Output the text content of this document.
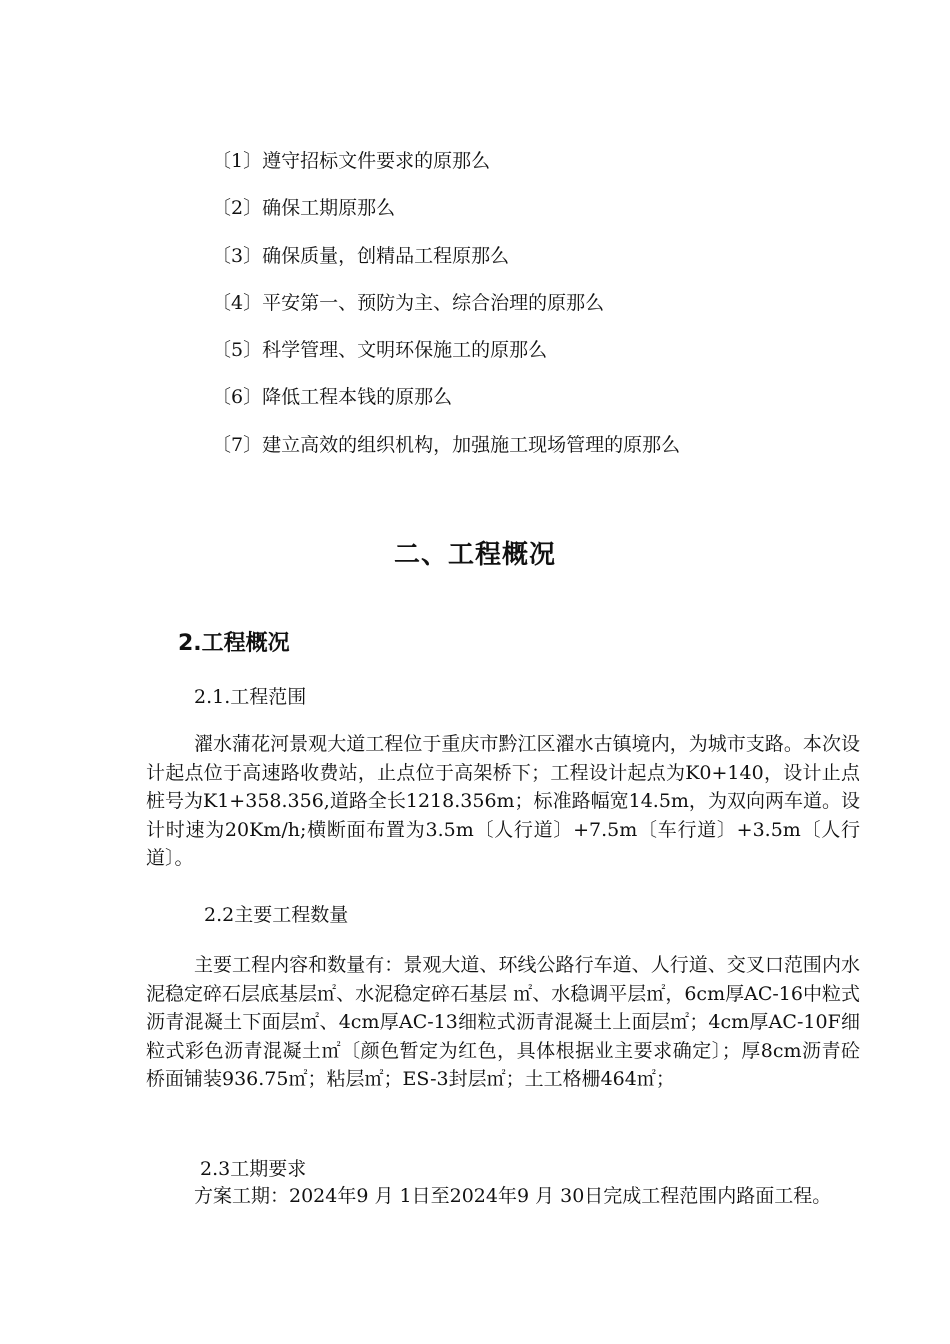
〔1〕遵守招标文件要求的原那么
〔2〕确保工期原那么
〔3〕确保质量，创精品工程原那么
〔4〕平安第一、预防为主、综合治理的原那么
〔5〕科学管理、文明环保施工的原那么
〔6〕降低工程本钱的原那么
〔7〕建立高效的组织机构，加强施工现场管理的原那么
二、工程概况
2.工程概况
2.1.工程范围
濯水蒲花河景观大道工程位于重庆市黔江区濯水古镇境内，为城市支路。本次设计起点位于高速路收费站，止点位于高架桥下；工程设计起点为K0+140，设计止点桩号为K1+358.356,道路全长1218.356m；标准路幅宽14.5m，为双向两车道。设计时速为20Km/h;横断面布置为3.5m〔人行道〕+7.5m〔车行道〕+3.5m〔人行道〕。
2.2主要工程数量
主要工程内容和数量有：景观大道、环线公路行车道、人行道、交叉口范围内水泥稳定碎石层底基层㎡、水泥稳定碎石基层 ㎡、水稳调平层㎡，6cm厚AC-16中粒式沥青混凝土下面层㎡、4cm厚AC-13细粒式沥青混凝土上面层㎡；4cm厚AC-10F细粒式彩色沥青混凝土㎡〔颜色暂定为红色，具体根据业主要求确定〕；厚8cm沥青砼桥面铺装936.75㎡；粘层㎡；ES-3封层㎡；土工格栅464㎡；
2.3工期要求
方案工期：2024年9 月 1日至2024年9 月 30日完成工程范围内路面工程。
